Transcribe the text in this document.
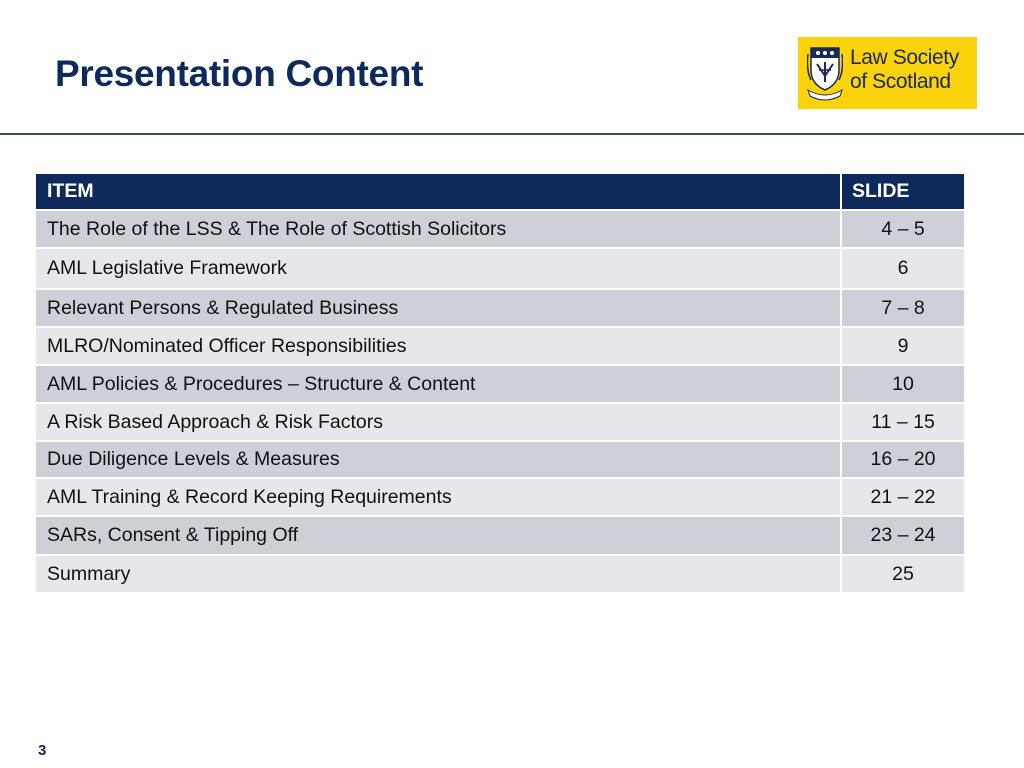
Presentation Content	Law Society
of Scotland
ITEM	SLIDE
The Role of the LSS & The Role of Scottish Solicitors	4 – 5
AML Legislative Framework	6
Relevant Persons & Regulated Business	7 – 8
MLRO/Nominated Officer Responsibilities	9
AML Policies & Procedures – Structure & Content	10
A Risk Based Approach & Risk Factors	11 – 15
Due Diligence Levels & Measures	16 – 20
AML Training & Record Keeping Requirements	21 – 22
SARs, Consent & Tipping Off	23 – 24
Summary	25
3
